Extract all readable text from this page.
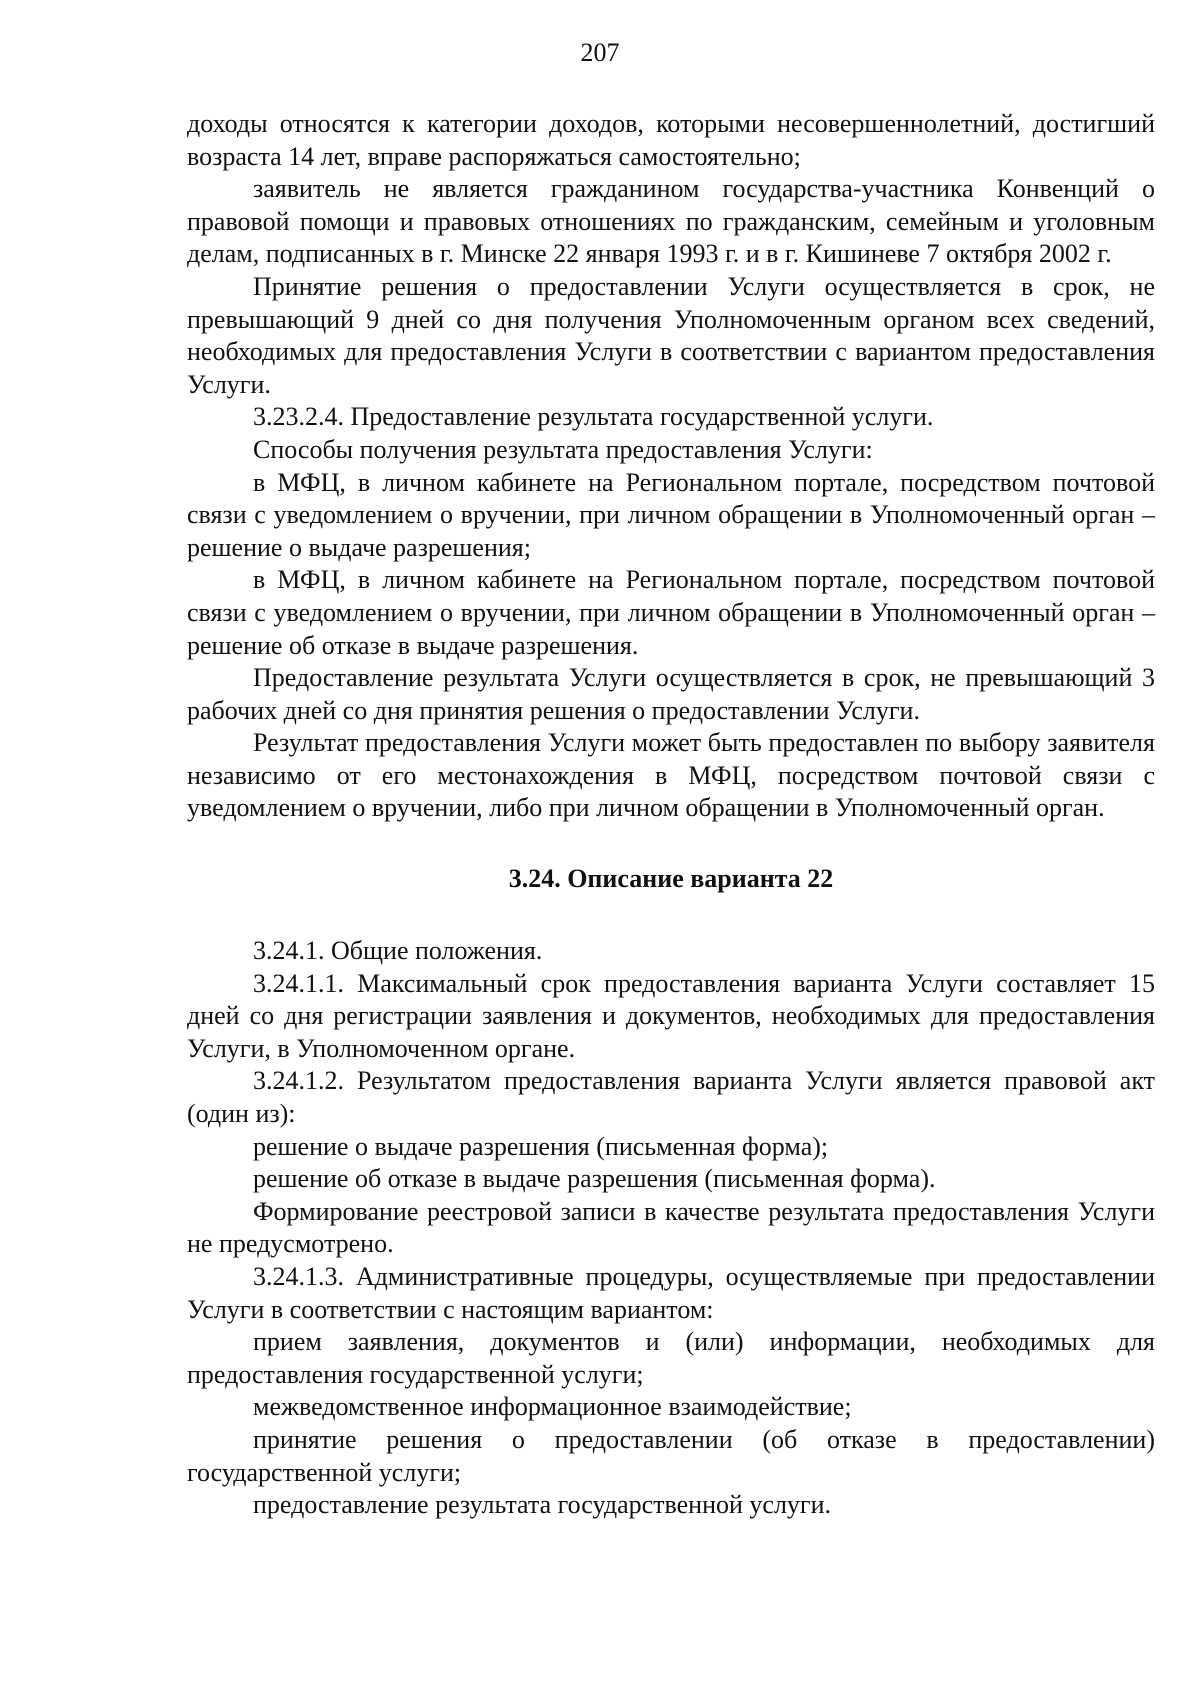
207

доходы относятся к категории доходов, которыми несовершеннолетний, достигший возраста 14 лет, вправе распоряжаться самостоятельно;

заявитель не является гражданином государства-участника Конвенций о правовой помощи и правовых отношениях по гражданским, семейным и уголовным делам, подписанных в г. Минске 22 января 1993 г. и в г. Кишиневе 7 октября 2002 г.

Принятие решения о предоставлении Услуги осуществляется в срок, не превышающий 9 дней со дня получения Уполномоченным органом всех сведений, необходимых для предоставления Услуги в соответствии с вариантом предоставления Услуги.

3.23.2.4. Предоставление результата государственной услуги.

Способы получения результата предоставления Услуги:

в МФЦ, в личном кабинете на Региональном портале, посредством почтовой связи с уведомлением о вручении, при личном обращении в Уполномоченный орган – решение о выдаче разрешения;

в МФЦ, в личном кабинете на Региональном портале, посредством почтовой связи с уведомлением о вручении, при личном обращении в Уполномоченный орган – решение об отказе в выдаче разрешения.

Предоставление результата Услуги осуществляется в срок, не превышающий 3 рабочих дней со дня принятия решения о предоставлении Услуги.

Результат предоставления Услуги может быть предоставлен по выбору заявителя независимо от его местонахождения в МФЦ, посредством почтовой связи с уведомлением о вручении, либо при личном обращении в Уполномоченный орган.

3.24. Описание варианта 22

3.24.1. Общие положения.

3.24.1.1. Максимальный срок предоставления варианта Услуги составляет 15 дней со дня регистрации заявления и документов, необходимых для предоставления Услуги, в Уполномоченном органе.

3.24.1.2. Результатом предоставления варианта Услуги является правовой акт (один из):

решение о выдаче разрешения (письменная форма);

решение об отказе в выдаче разрешения (письменная форма).

Формирование реестровой записи в качестве результата предоставления Услуги не предусмотрено.

3.24.1.3. Административные процедуры, осуществляемые при предоставлении Услуги в соответствии с настоящим вариантом:

прием заявления, документов и (или) информации, необходимых для предоставления государственной услуги;

межведомственное информационное взаимодействие;

принятие решения о предоставлении (об отказе в предоставлении) государственной услуги;

предоставление результата государственной услуги.
